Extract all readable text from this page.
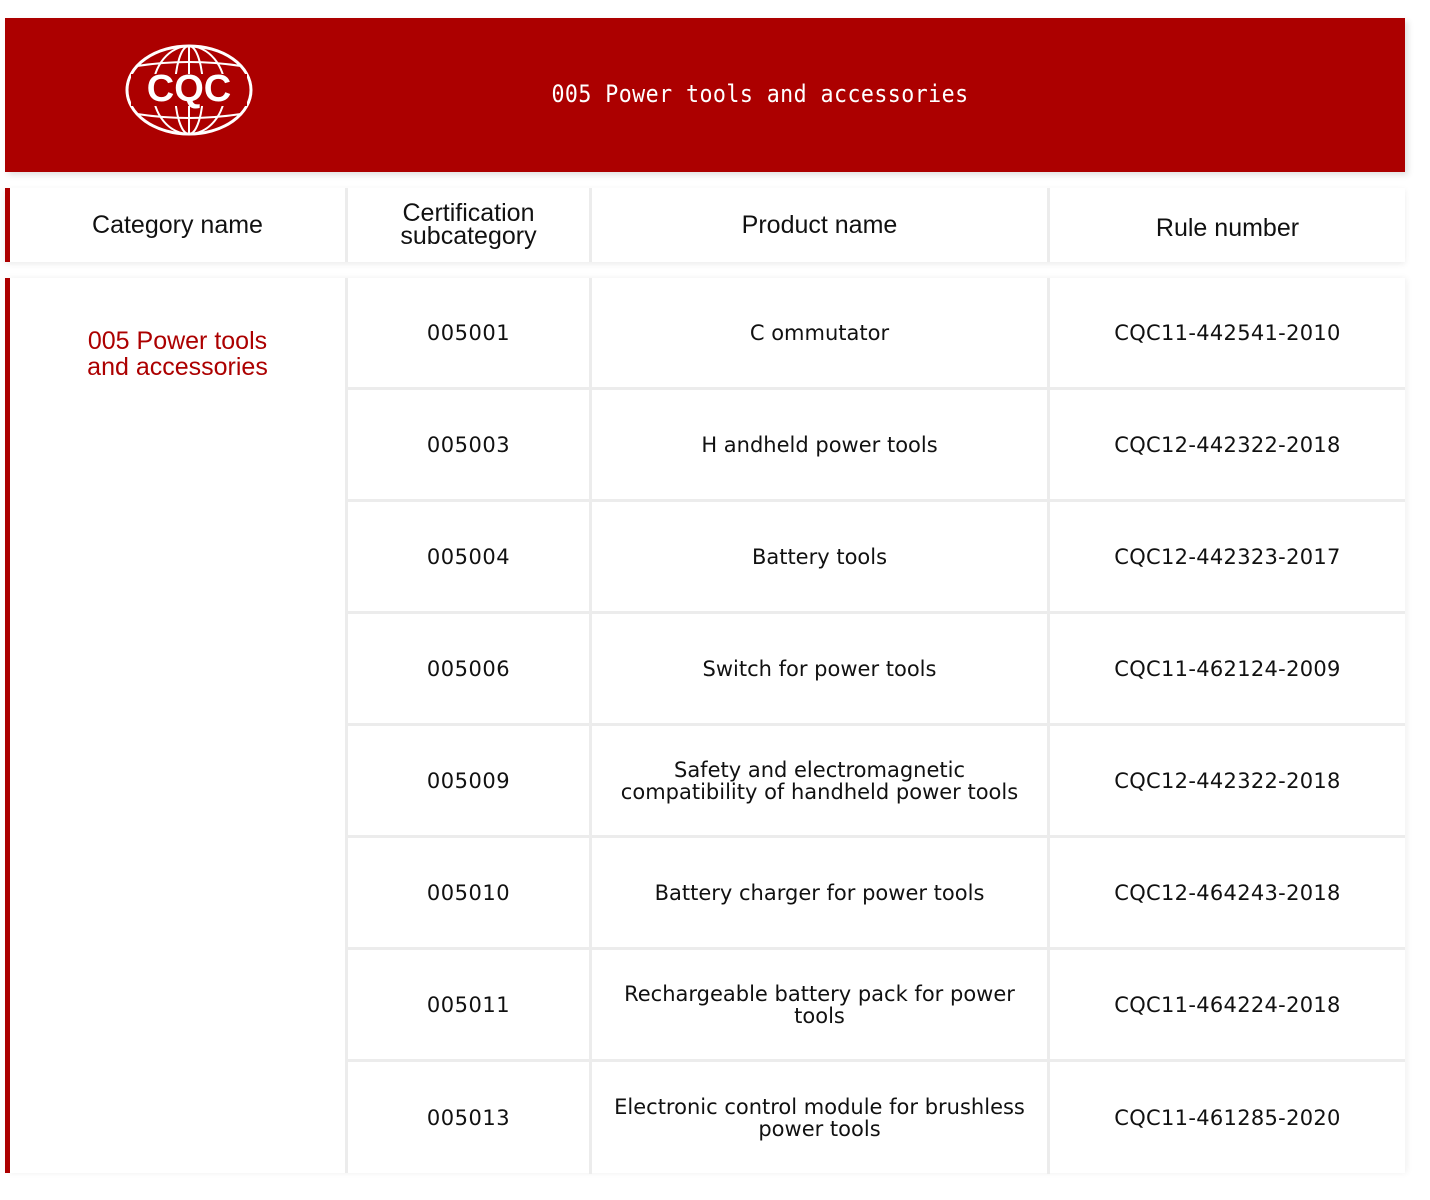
CQC	005 Power tools and accessories
Category name	Certification subcategory	Product name	Rule number
005 Power tools and accessories
005001	C ommutator	CQC11-442541-2010
005003	H andheld power tools	CQC12-442322-2018
005004	Battery tools	CQC12-442323-2017
005006	Switch for power tools	CQC11-462124-2009
005009	Safety and electromagnetic compatibility of handheld power tools	CQC12-442322-2018
005010	Battery charger for power tools	CQC12-464243-2018
005011	Rechargeable battery pack for power tools	CQC11-464224-2018
005013	Electronic control module for brushless power tools	CQC11-461285-2020
